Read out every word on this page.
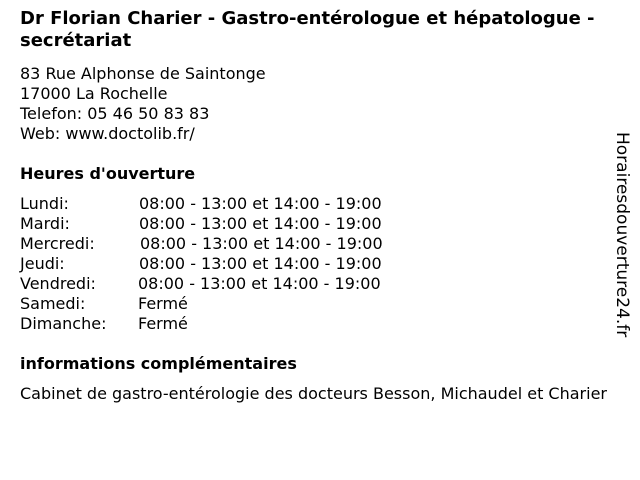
Dr Florian Charier - Gastro-entérologue et hépatologue - secrétariat
83 Rue Alphonse de Saintonge
17000 La Rochelle
Telefon: 05 46 50 83 83
Web: www.doctolib.fr/
Heures d'ouverture
Lundi:	08:00 - 13:00 et 14:00 - 19:00
Mardi:	08:00 - 13:00 et 14:00 - 19:00
Mercredi:	08:00 - 13:00 et 14:00 - 19:00
Jeudi:	08:00 - 13:00 et 14:00 - 19:00
Vendredi:	08:00 - 13:00 et 14:00 - 19:00
Samedi:	Fermé
Dimanche: Fermé
informations complémentaires
Cabinet de gastro-entérologie des docteurs Besson, Michaudel et Charier
Horairesdouverture24.fr
